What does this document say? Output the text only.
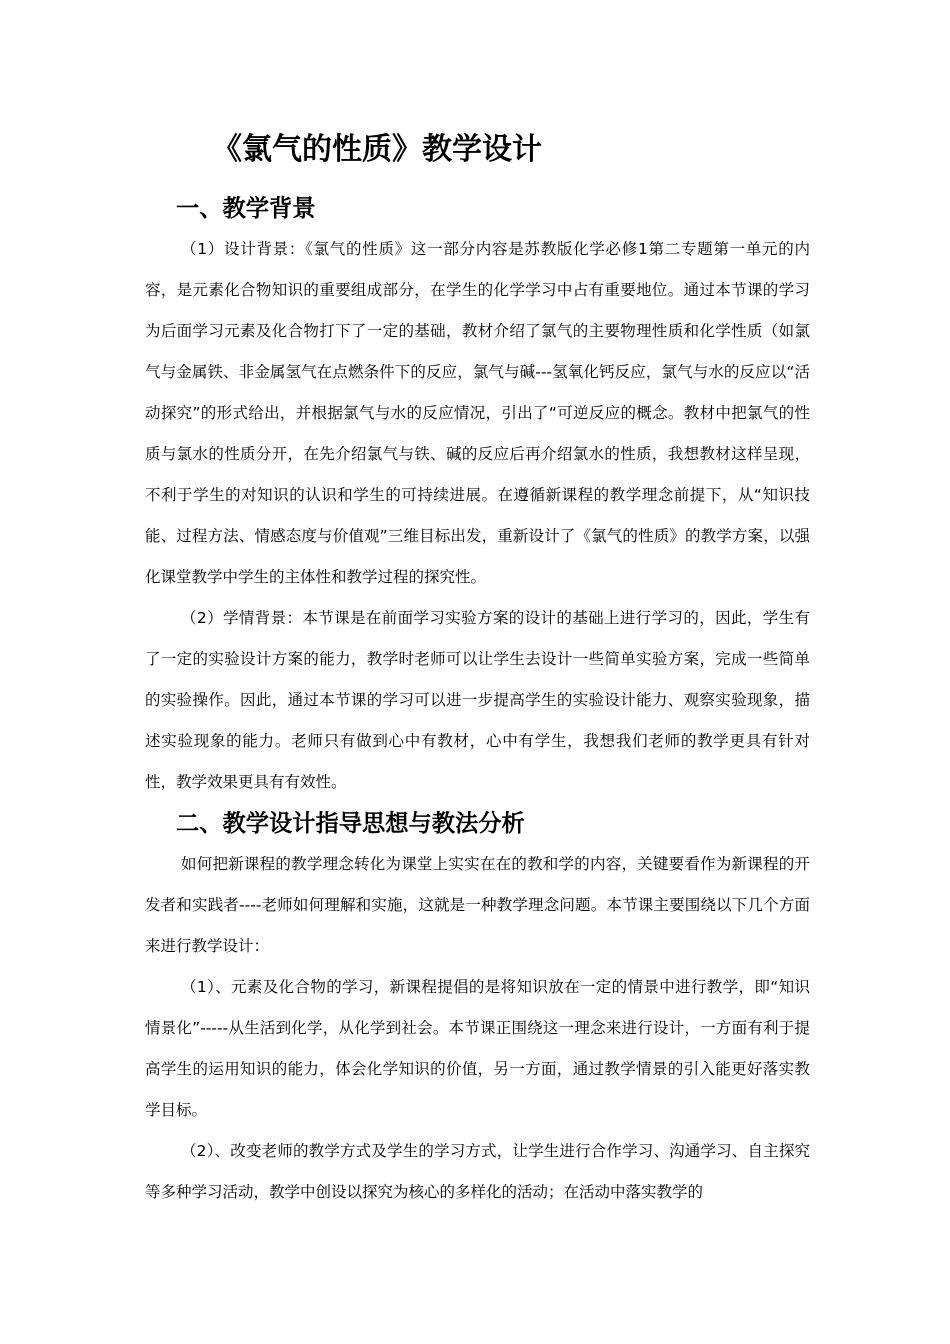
《氯气的性质》教学设计
一、教学背景

（1）设计背景：《氯气的性质》这一部分内容是苏教版化学必修1第二专题第一单元的内容，是元素化合物知识的重要组成部分，在学生的化学学习中占有重要地位。通过本节课的学习为后面学习元素及化合物打下了一定的基础，教材介绍了氯气的主要物理性质和化学性质（如氯气与金属铁、非金属氢气在点燃条件下的反应，氯气与碱---氢氧化钙反应，氯气与水的反应以“活动探究”的形式给出，并根据氯气与水的反应情况，引出了“可逆反应的概念。教材中把氯气的性质与氯水的性质分开，在先介绍氯气与铁、碱的反应后再介绍氯水的性质，我想教材这样呈现，不利于学生的对知识的认识和学生的可持续进展。在遵循新课程的教学理念前提下，从“知识技能、过程方法、情感态度与价值观”三维目标出发，重新设计了《氯气的性质》的教学方案，以强化课堂教学中学生的主体性和教学过程的探究性。

（2）学情背景：本节课是在前面学习实验方案的设计的基础上进行学习的，因此，学生有了一定的实验设计方案的能力，教学时老师可以让学生去设计一些简单实验方案，完成一些简单的实验操作。因此，通过本节课的学习可以进一步提高学生的实验设计能力、观察实验现象，描述实验现象的能力。老师只有做到心中有教材，心中有学生，我想我们老师的教学更具有针对性，教学效果更具有有效性。

二、教学设计指导思想与教法分析

如何把新课程的教学理念转化为课堂上实实在在的教和学的内容，关键要看作为新课程的开发者和实践者----老师如何理解和实施，这就是一种教学理念问题。本节课主要围绕以下几个方面来进行教学设计：

（1）、元素及化合物的学习，新课程提倡的是将知识放在一定的情景中进行教学，即“知识情景化”-----从生活到化学，从化学到社会。本节课正围绕这一理念来进行设计，一方面有利于提高学生的运用知识的能力，体会化学知识的价值，另一方面，通过教学情景的引入能更好落实教学目标。

（2）、改变老师的教学方式及学生的学习方式，让学生进行合作学习、沟通学习、自主探究等多种学习活动，教学中创设以探究为核心的多样化的活动；在活动中落实教学的
